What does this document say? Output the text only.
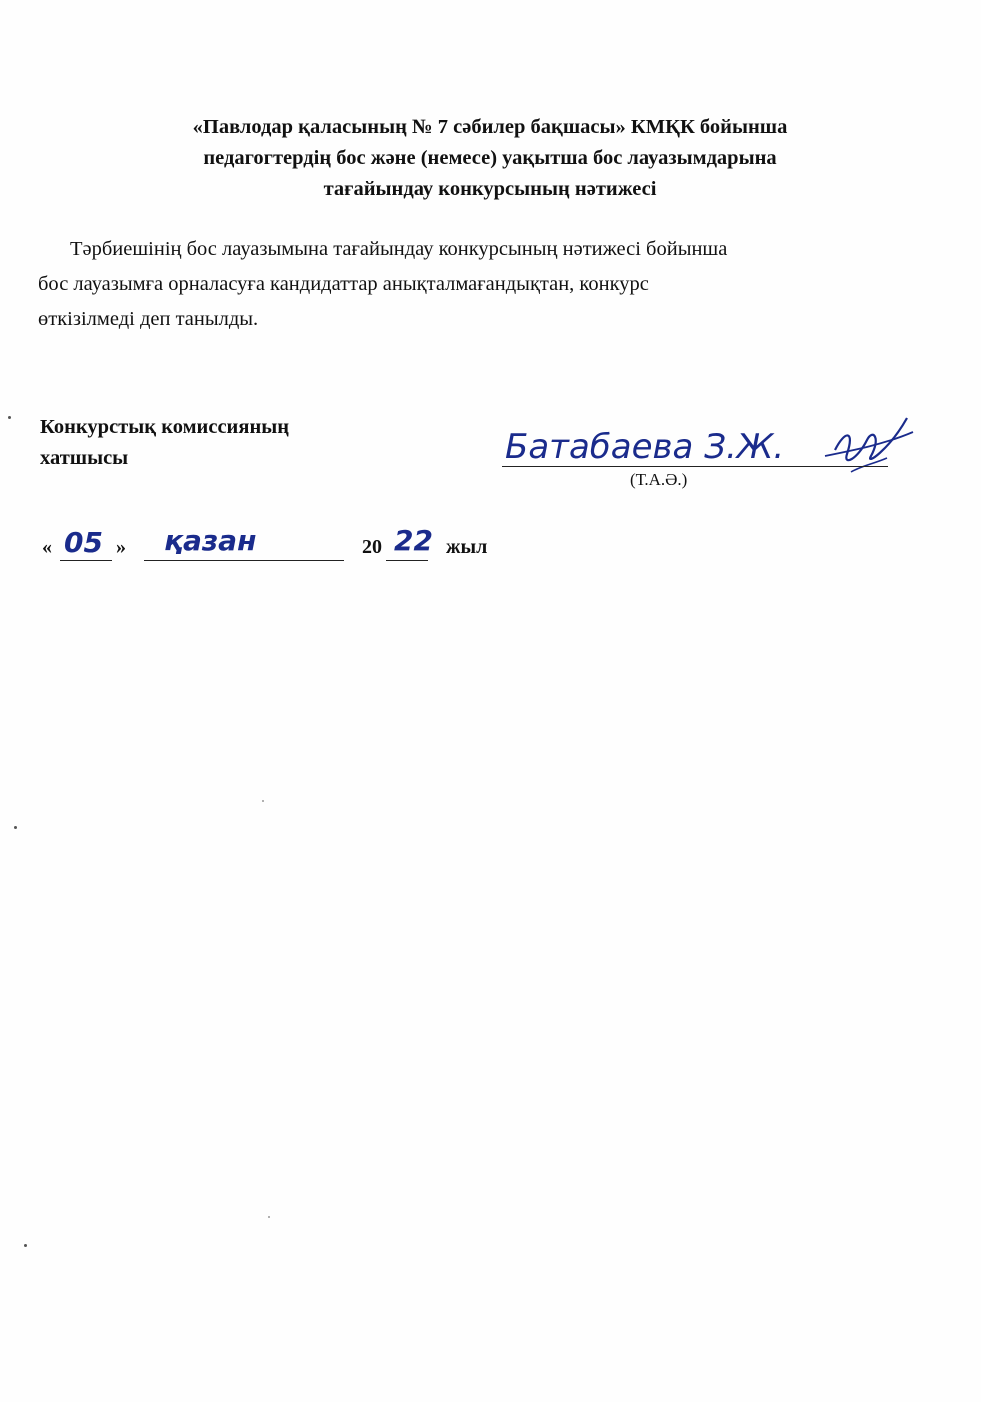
«Павлодар қаласының № 7 сәбилер бақшасы» КМҚК бойынша
педагогтердің бос және (немесе) уақытша бос лауазымдарына
тағайындау конкурсының нәтижесі
Тәрбиешінің бос лауазымына тағайындау конкурсының нәтижесі бойынша
бос лауазымға орналасуға кандидаттар анықталмағандықтан, конкурс
өткізілмеді деп танылды.
Конкурстық комиссияның
хатшысы	Батабаева З.Ж.
(Т.А.Ә.)
« 05 » қазан	20 22 жыл
